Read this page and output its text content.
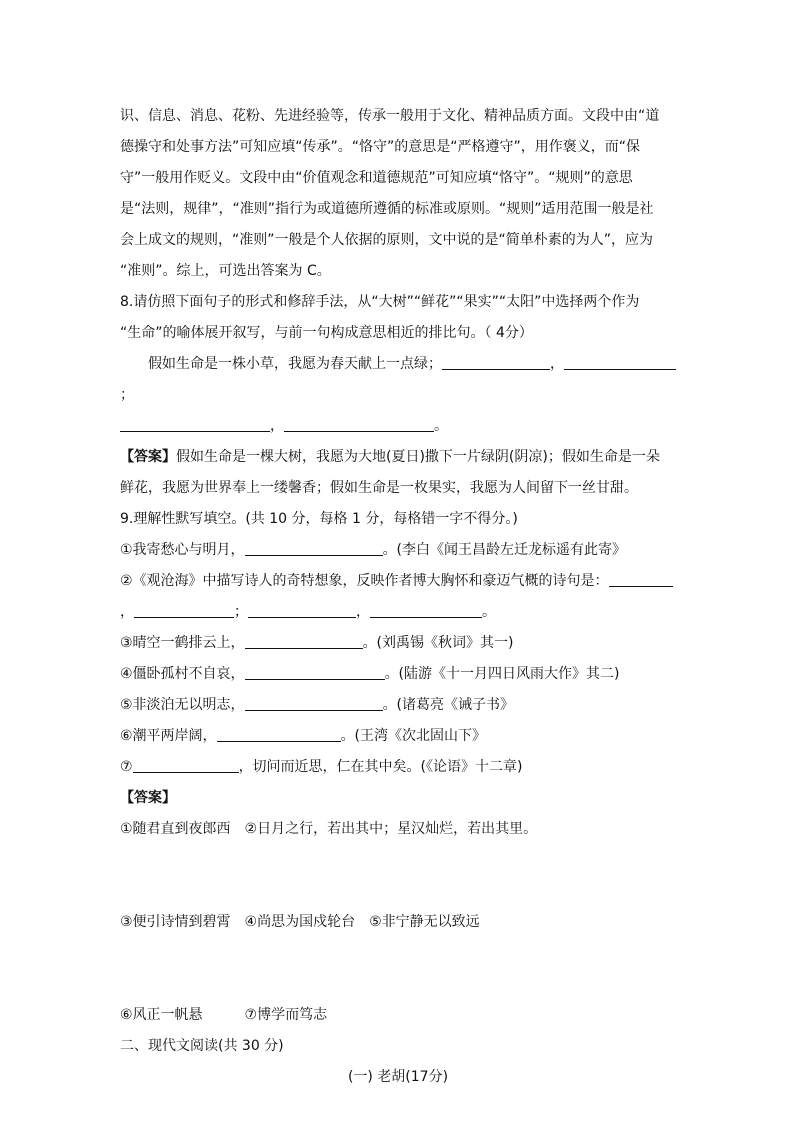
识、信息、消息、花粉、先进经验等，传承一般用于文化、精神品质方面。文段中由“道
德操守和处事方法”可知应填“传承”。“恪守”的意思是“严格遵守”，用作褒义，而“保
守”一般用作贬义。文段中由“价值观念和道德规范”可知应填“恪守”。“规则”的意思
是“法则，规律”，“准则”指行为或道德所遵循的标准或原则。“规则”适用范围一般是社
会上成文的规则，“准则”一般是个人依据的原则，文中说的是“简单朴素的为人”，应为
“准则”。综上，可选出答案为 C。
8.请仿照下面句子的形式和修辞手法，从“大树”“鲜花”“果实”“太阳”中选择两个作为
“生命”的喻体展开叙写，与前一句构成意思相近的排比句。（ 4分）
假如生命是一株小草，我愿为春天献上一点绿；	，
；
，	。
【答案】假如生命是一棵大树，我愿为大地(夏日)撒下一片绿阴(阴凉)；假如生命是一朵
鲜花，我愿为世界奉上一缕馨香；假如生命是一枚果实，我愿为人间留下一丝甘甜。
9.理解性默写填空。(共 10 分，每格 1 分，每格错一字不得分。)
①我寄愁心与明月，	。(李白《闻王昌龄左迁龙标遥有此寄》
②《观沧海》中描写诗人的奇特想象，反映作者博大胸怀和豪迈气概的诗句是：
，	；	，	。
③晴空一鹤排云上，	。(刘禹锡《秋词》其一)
④僵卧孤村不自哀，	。(陆游《十一月四日风雨大作》其二)
⑤非淡泊无以明志，	。(诸葛亮《诫子书》
⑥潮平两岸阔，	。(王湾《次北固山下》
⑦	，切问而近思，仁在其中矣。(《论语》十二章)
【答案】
①随君直到夜郎西　②日月之行，若出其中；星汉灿烂，若出其里。
③便引诗情到碧霄　④尚思为国戍轮台　⑤非宁静无以致远
⑥风正一帆悬　　　⑦博学而笃志
二、现代文阅读(共 30 分)
(一) 老胡(17分)
